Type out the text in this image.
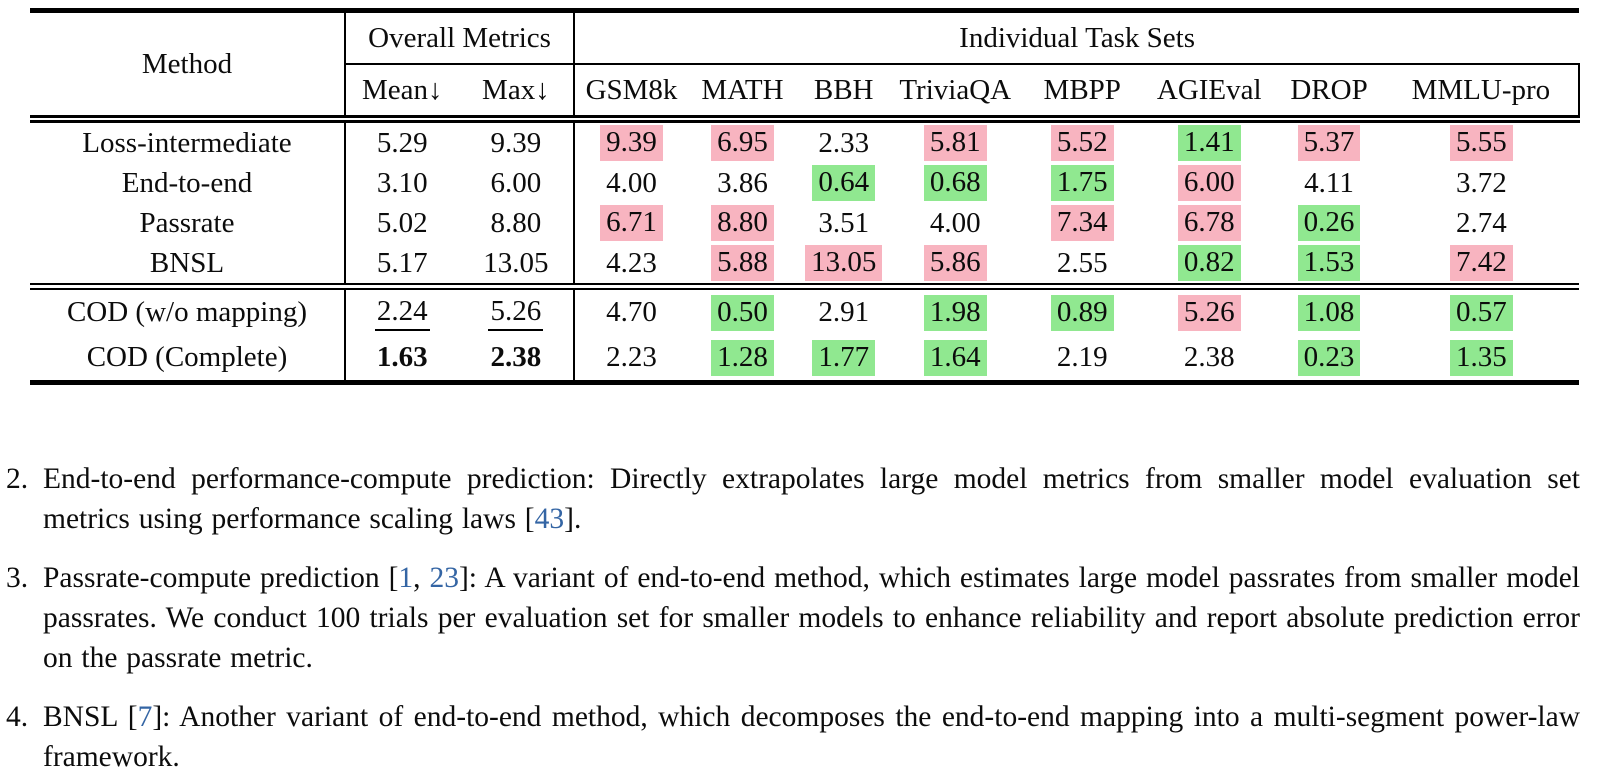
Method	Overall Metrics		Individual Task Sets							
	Mean↓	Max↓	GSM8k	MATH	BBH	TriviaQA	MBPP	AGIEval	DROP	MMLU-pro
Loss-intermediate	5.29	9.39	9.39	6.95	2.33	5.81	5.52	1.41	5.37	5.55
End-to-end	3.10	6.00	4.00	3.86	0.64	0.68	1.75	6.00	4.11	3.72
Passrate	5.02	8.80	6.71	8.80	3.51	4.00	7.34	6.78	0.26	2.74
BNSL	5.17	13.05	4.23	5.88	13.05	5.86	2.55	0.82	1.53	7.42
COD (w/o mapping)	2.24	5.26	4.70	0.50	2.91	1.98	0.89	5.26	1.08	0.57
COD (Complete)	1.63	2.38	2.23	1.28	1.77	1.64	2.19	2.38	0.23	1.35
2. End-to-end performance-compute prediction: Directly extrapolates large model metrics from smaller model evaluation set metrics using performance scaling laws [43].

3. Passrate-compute prediction [1, 23]: A variant of end-to-end method, which estimates large model passrates from smaller model passrates. We conduct 100 trials per evaluation set for smaller models to enhance reliability and report absolute prediction error on the passrate metric.

4. BNSL [7]: Another variant of end-to-end method, which decomposes the end-to-end mapping into a multi-segment power-law framework.
